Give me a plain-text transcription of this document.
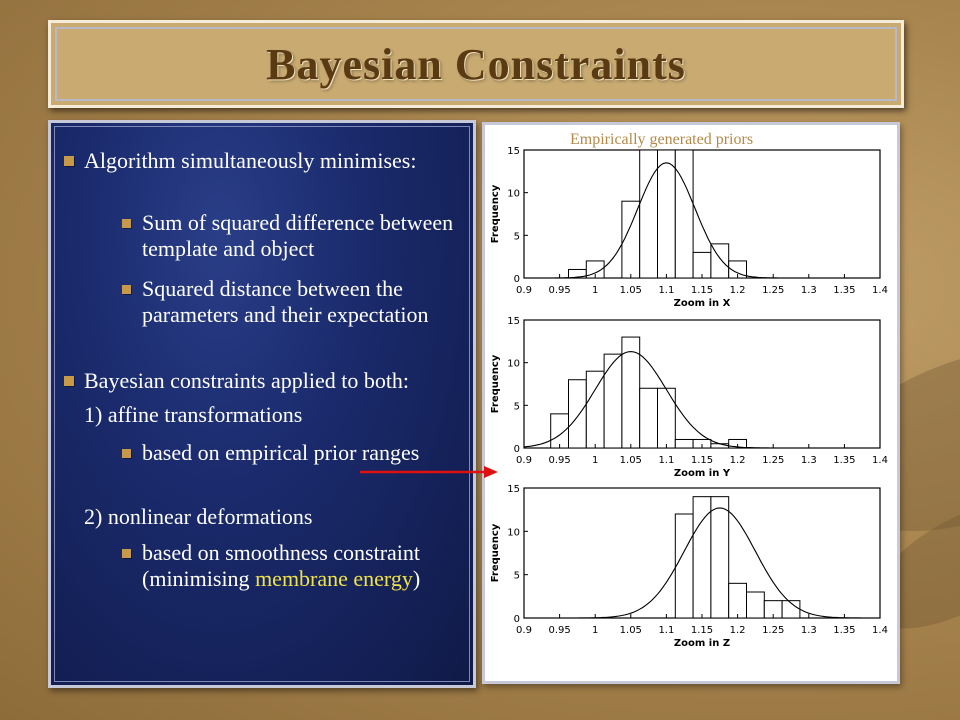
Bayesian Constraints
Algorithm simultaneously minimises:
Sum of squared difference between template and object
Squared distance between the parameters and their expectation
Bayesian constraints applied to both:
1) affine transformations
based on empirical prior ranges
2) nonlinear deformations
based on smoothness constraint (minimising membrane energy)
Empirically generated priors
0.9 0.95 1 1.05 1.1 1.15 1.2 1.25 1.3 1.35 1.4
0
5
10
15
Zoom in X
Frequency
0.9 0.95 1 1.05 1.1 1.15 1.2 1.25 1.3 1.35 1.4
0
5
10
15
Zoom in Y
Frequency
0.9 0.95 1 1.05 1.1 1.15 1.2 1.25 1.3 1.35 1.4
0
5
10
15
Zoom in Z
Frequency
